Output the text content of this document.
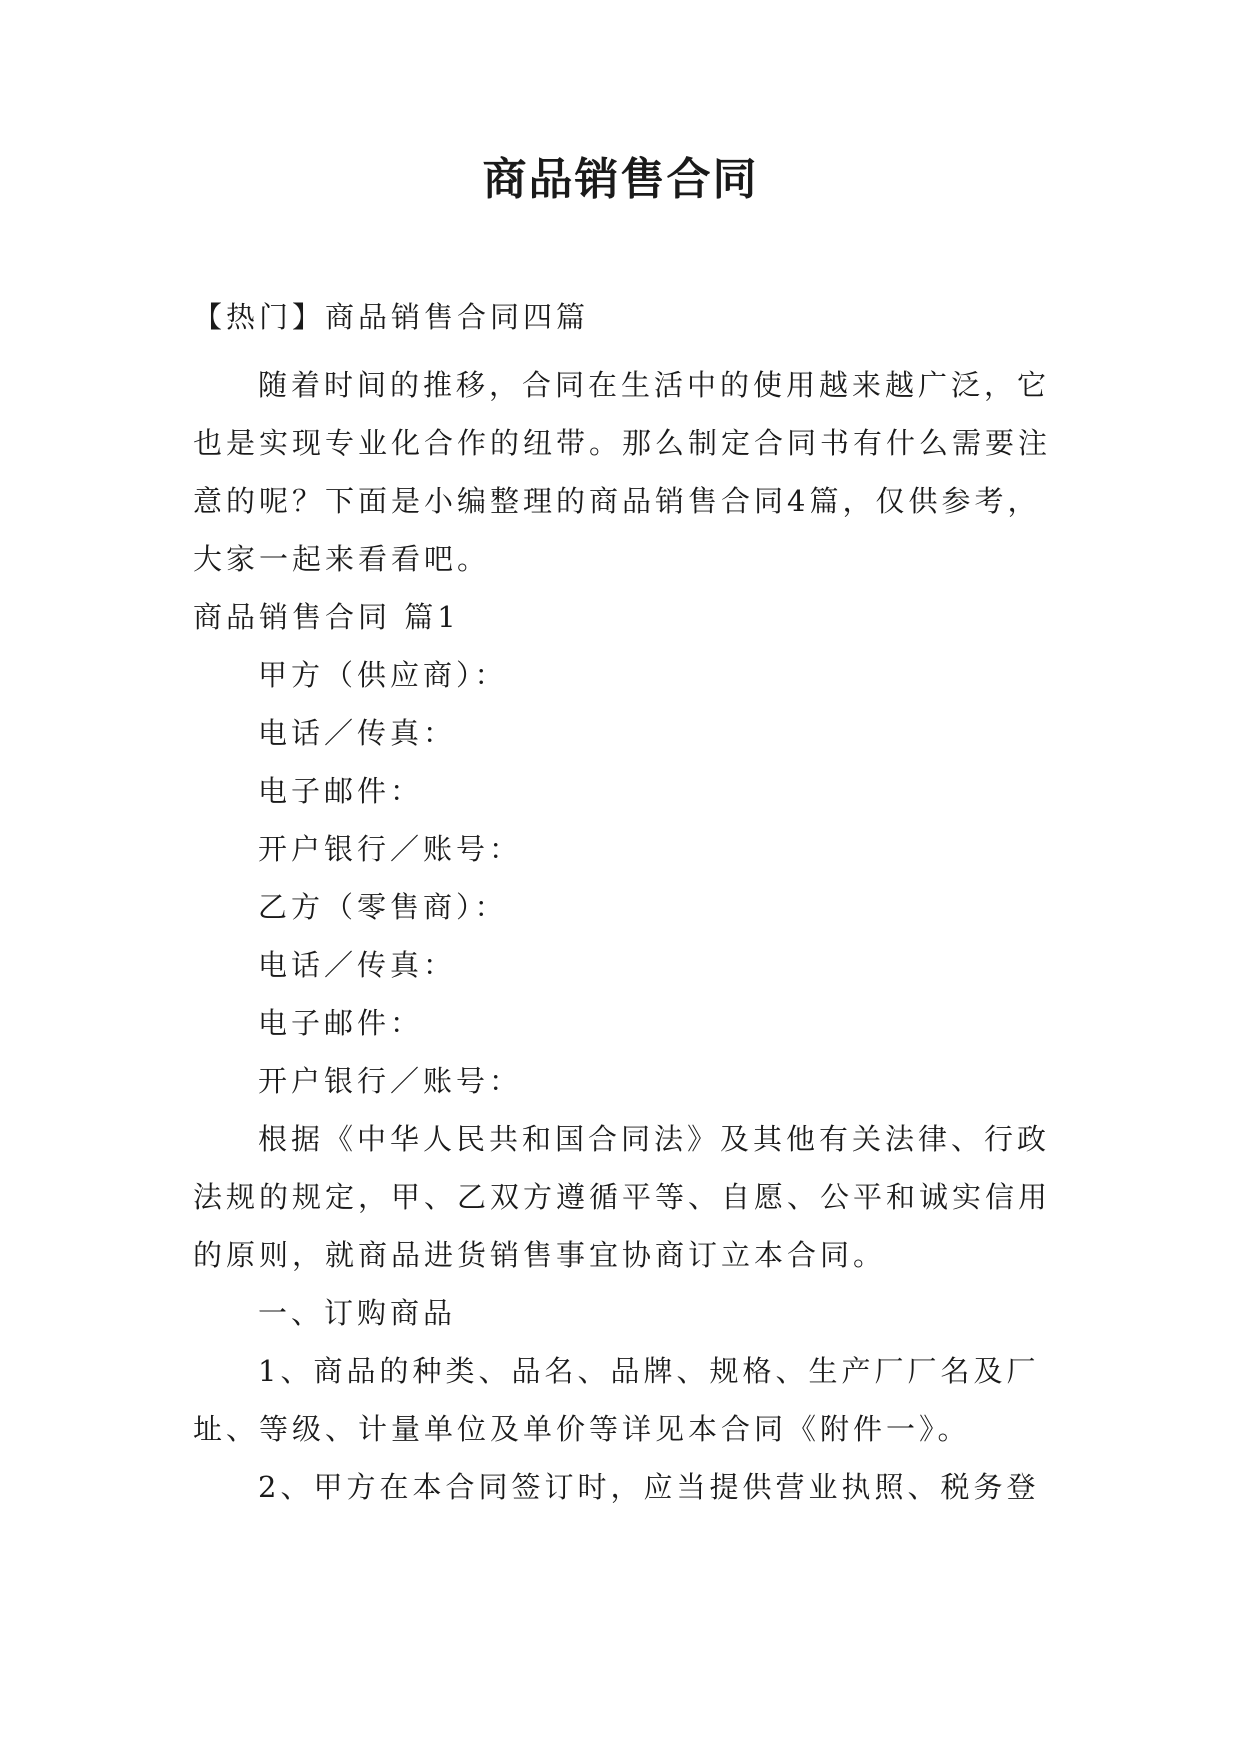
商品销售合同
【热门】商品销售合同四篇
随着时间的推移，合同在生活中的使用越来越广泛，它
也是实现专业化合作的纽带。那么制定合同书有什么需要注
意的呢？下面是小编整理的商品销售合同4篇，仅供参考，
大家一起来看看吧。
商品销售合同 篇1
甲方（供应商）：
电话／传真：
电子邮件：
开户银行／账号：
乙方（零售商）：
电话／传真：
电子邮件：
开户银行／账号：
根据《中华人民共和国合同法》及其他有关法律、行政
法规的规定，甲、乙双方遵循平等、自愿、公平和诚实信用
的原则，就商品进货销售事宜协商订立本合同。
一、订购商品
1、商品的种类、品名、品牌、规格、生产厂厂名及厂
址、等级、计量单位及单价等详见本合同《附件一》。
2、甲方在本合同签订时，应当提供营业执照、税务登
